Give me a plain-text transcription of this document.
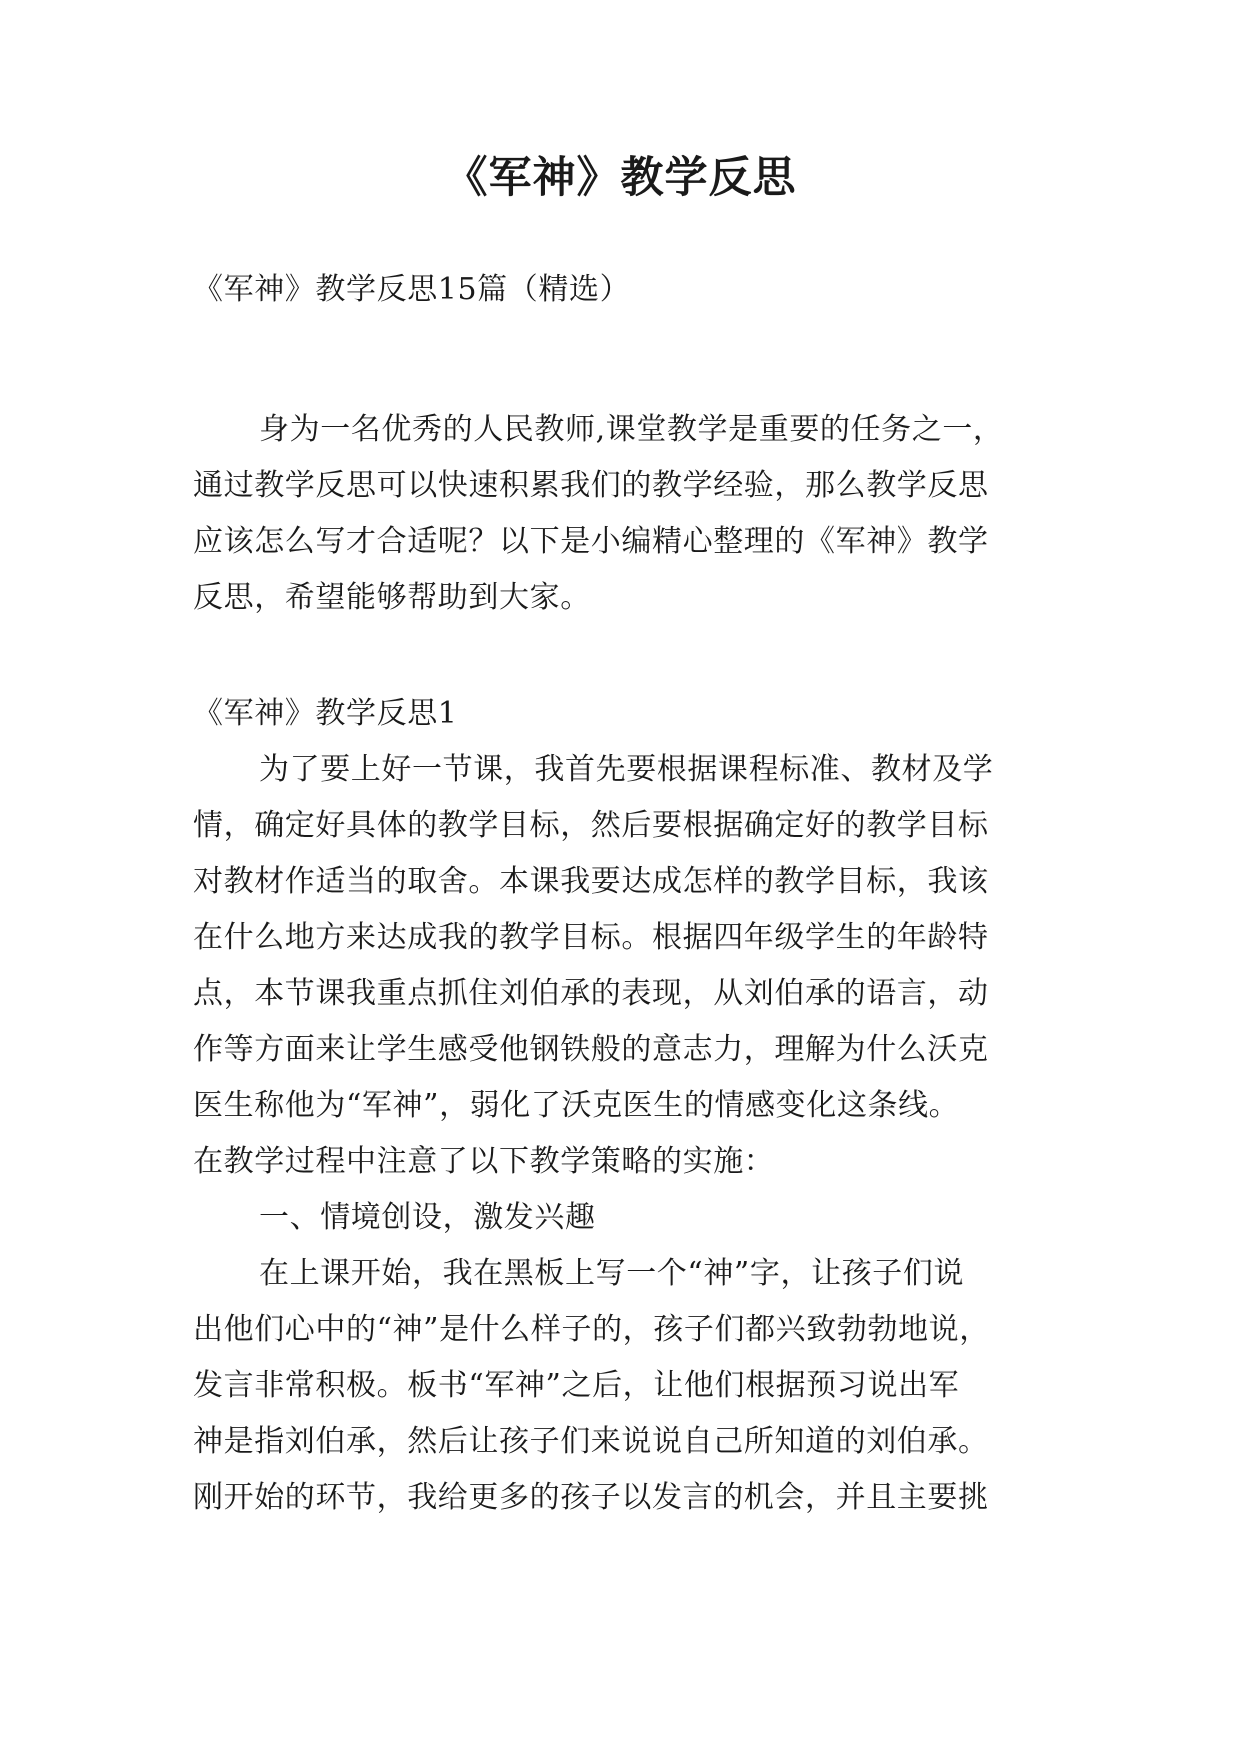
《军神》教学反思

《军神》教学反思15篇（精选）

身为一名优秀的人民教师,课堂教学是重要的任务之一，

通过教学反思可以快速积累我们的教学经验，那么教学反思

应该怎么写才合适呢？以下是小编精心整理的《军神》教学

反思，希望能够帮助到大家。

《军神》教学反思1

为了要上好一节课，我首先要根据课程标准、教材及学

情，确定好具体的教学目标，然后要根据确定好的教学目标

对教材作适当的取舍。本课我要达成怎样的教学目标，我该

在什么地方来达成我的教学目标。根据四年级学生的年龄特

点，本节课我重点抓住刘伯承的表现，从刘伯承的语言，动

作等方面来让学生感受他钢铁般的意志力，理解为什么沃克

医生称他为“军神”，弱化了沃克医生的情感变化这条线。

在教学过程中注意了以下教学策略的实施：

一、情境创设，激发兴趣

在上课开始，我在黑板上写一个“神”字，让孩子们说

出他们心中的“神”是什么样子的，孩子们都兴致勃勃地说，

发言非常积极。板书“军神”之后，让他们根据预习说出军

神是指刘伯承，然后让孩子们来说说自己所知道的刘伯承。

刚开始的环节，我给更多的孩子以发言的机会，并且主要挑
